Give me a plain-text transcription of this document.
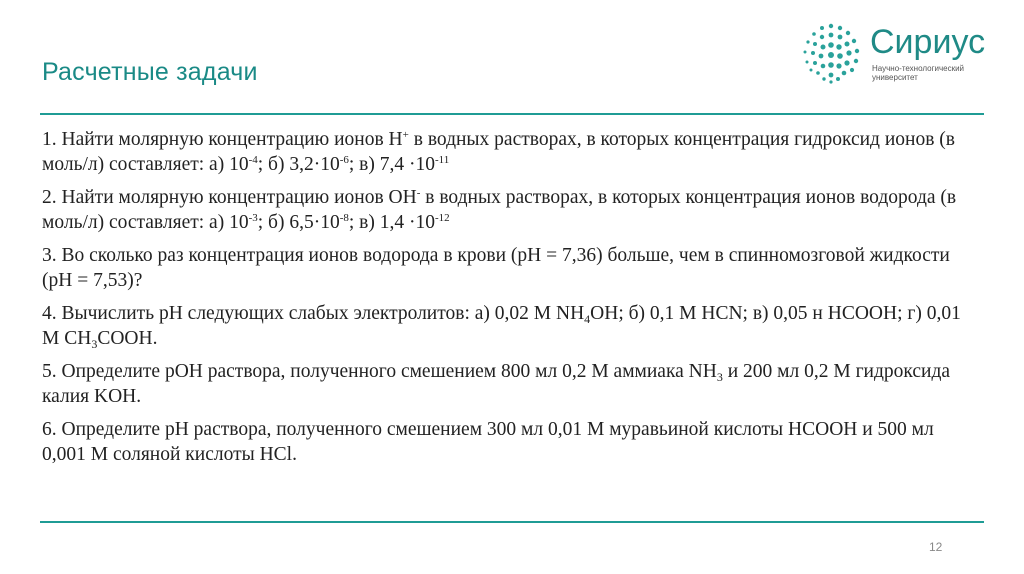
Расчетные задачи
Сириус
Научно-технологический
университет

1. Найти молярную концентрацию ионов H+ в водных растворах, в которых концентрация гидроксид ионов (в моль/л) составляет: а) $10^{-4}$; б) $3,2\cdot 10^{-6}$; в) $7,4 \cdot 10^{-11}$

2. Найти молярную концентрацию ионов OH- в водных растворах, в которых концентрация ионов водорода (в моль/л) составляет: а) $10^{-3}$; б) $6,5\cdot 10^{-8}$; в) $1,4 \cdot 10^{-12}$

3. Во сколько раз концентрация ионов водорода в крови (pH = 7,36) больше, чем в спинномозговой жидкости (pH = 7,53)?

4. Вычислить pH следующих слабых электролитов: а) 0,02 M $NH_4OH$; б) 0,1 M HCN; в) 0,05 н HCOOH; г) 0,01 M $CH_3COOH$.

5. Определите pOH раствора, полученного смешением 800 мл 0,2 M аммиака $NH_3$ и 200 мл 0,2 M гидроксида калия KOH.

6. Определите pH раствора, полученного смешением 300 мл 0,01 M муравьиной кислоты HCOOH и 500 мл 0,001 M соляной кислоты HCl.

12
